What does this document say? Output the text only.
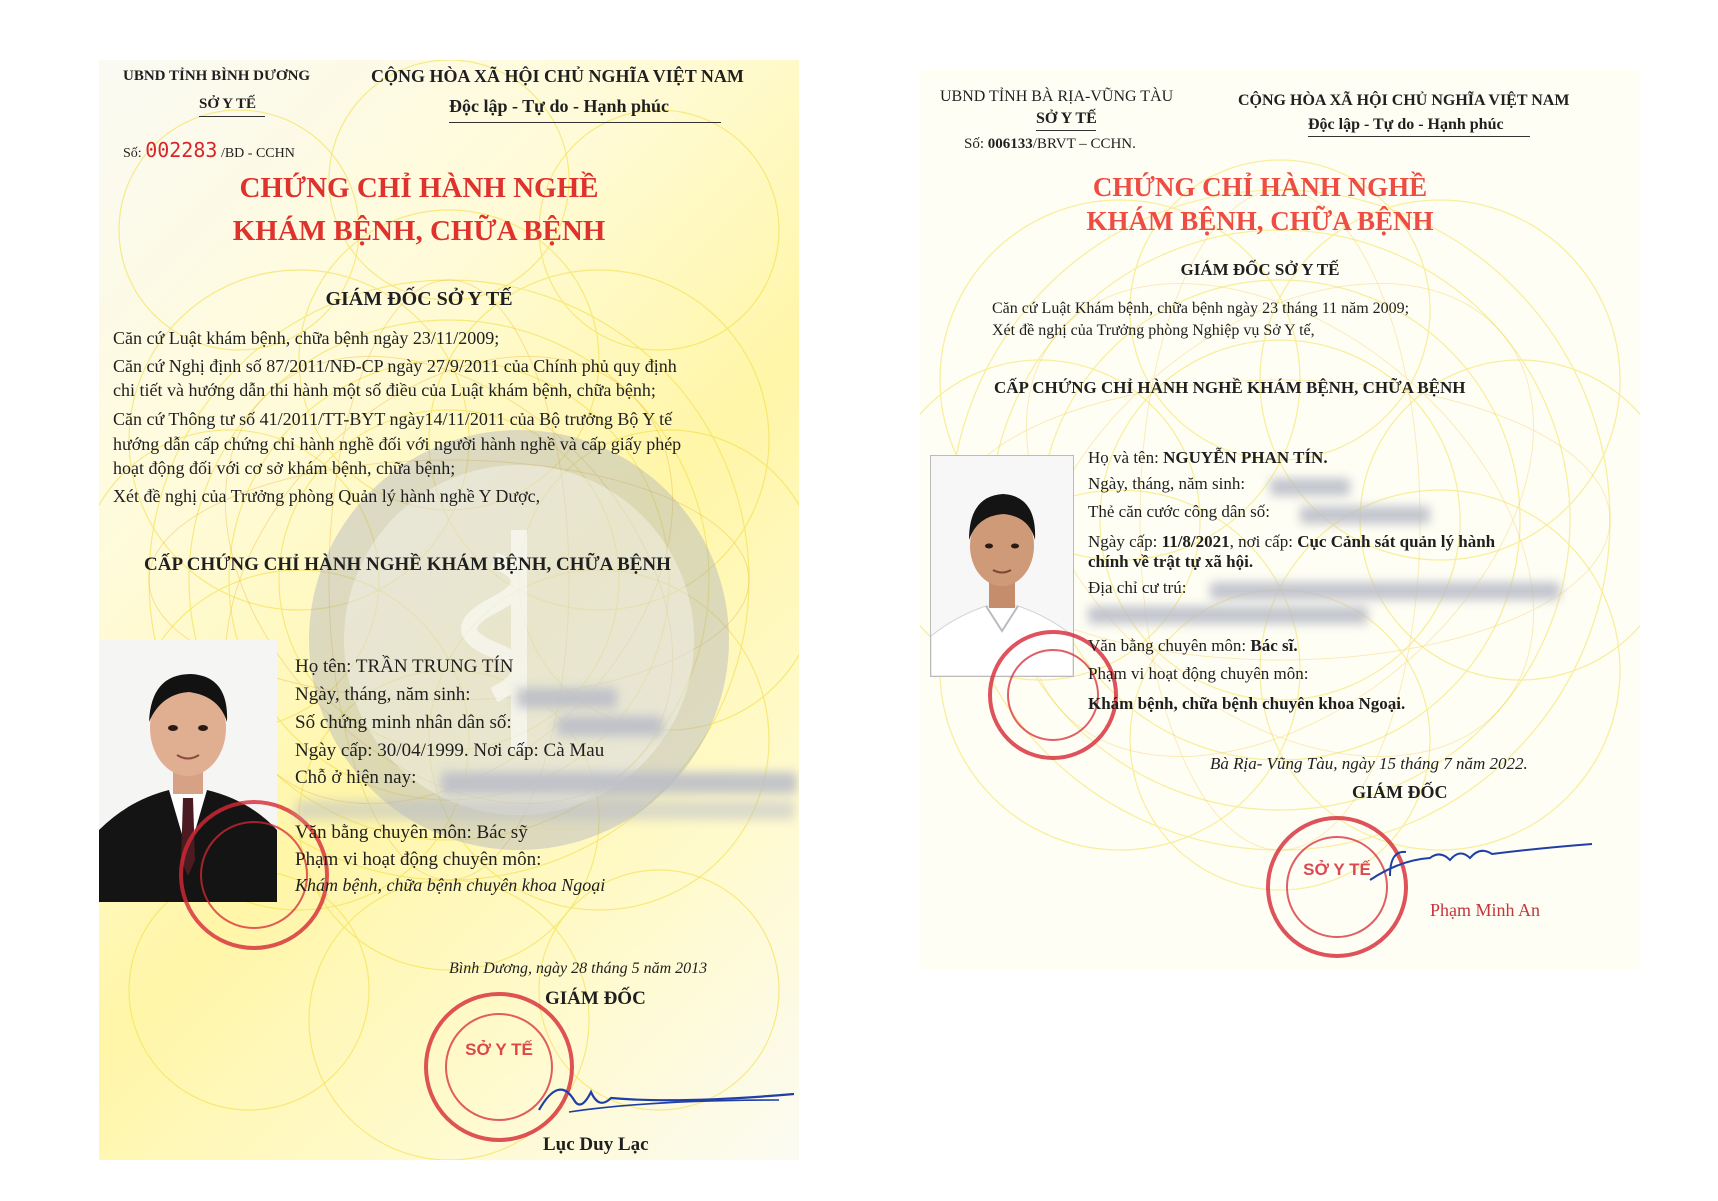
UBND TỈNH BÌNH DƯƠNG
SỞ Y TẾ
Số: 002283 /BD - CCHN
CỘNG HÒA XÃ HỘI CHỦ NGHĨA VIỆT NAM
Độc lập - Tự do - Hạnh phúc
CHỨNG CHỈ HÀNH NGHỀ
KHÁM BỆNH, CHỮA BỆNH
GIÁM ĐỐC SỞ Y TẾ
Căn cứ Luật khám bệnh, chữa bệnh ngày 23/11/2009;
Căn cứ Nghị định số 87/2011/NĐ-CP ngày 27/9/2011 của Chính phủ quy định
chi tiết và hướng dẫn thi hành một số điều của Luật khám bệnh, chữa bệnh;
Căn cứ Thông tư số 41/2011/TT-BYT ngày14/11/2011 của Bộ trưởng Bộ Y tế
hướng dẫn cấp chứng chỉ hành nghề đối với người hành nghề và cấp giấy phép
hoạt động đối với cơ sở khám bệnh, chữa bệnh;
Xét đề nghị của Trưởng phòng Quản lý hành nghề Y Dược,
CẤP CHỨNG CHỈ HÀNH NGHỀ KHÁM BỆNH, CHỮA BỆNH
Họ tên: TRẦN TRUNG TÍN
Ngày, tháng, năm sinh:
Số chứng minh nhân dân số:
Ngày cấp: 30/04/1999. Nơi cấp: Cà Mau
Chỗ ở hiện nay:
Văn bằng chuyên môn: Bác sỹ
Phạm vi hoạt động chuyên môn:
Khám bệnh, chữa bệnh chuyên khoa Ngoại
Bình Dương, ngày 28 tháng 5 năm 2013
GIÁM ĐỐC
SỞ Y TẾ
Lục Duy Lạc
UBND TỈNH BÀ RỊA-VŨNG TÀU
SỞ Y TẾ
Số: 006133/BRVT – CCHN.
CỘNG HÒA XÃ HỘI CHỦ NGHĨA VIỆT NAM
Độc lập - Tự do - Hạnh phúc
CHỨNG CHỈ HÀNH NGHỀ
KHÁM BỆNH, CHỮA BỆNH
GIÁM ĐỐC SỞ Y TẾ
Căn cứ Luật Khám bệnh, chữa bệnh ngày 23 tháng 11 năm 2009;
Xét đề nghị của Trưởng phòng Nghiệp vụ Sở Y tế,
CẤP CHỨNG CHỈ HÀNH NGHỀ KHÁM BỆNH, CHỮA BỆNH
Họ và tên: NGUYỄN PHAN TÍN.
Ngày, tháng, năm sinh:
Thẻ căn cước công dân số:
Ngày cấp: 11/8/2021, nơi cấp: Cục Cảnh sát quản lý hành
chính về trật tự xã hội.
Địa chỉ cư trú:
Văn bằng chuyên môn: Bác sĩ.
Phạm vi hoạt động chuyên môn:
Khám bệnh, chữa bệnh chuyên khoa Ngoại.
Bà Rịa- Vũng Tàu, ngày 15 tháng 7 năm 2022.
GIÁM ĐỐC
SỞ Y TẾ
Phạm Minh An
